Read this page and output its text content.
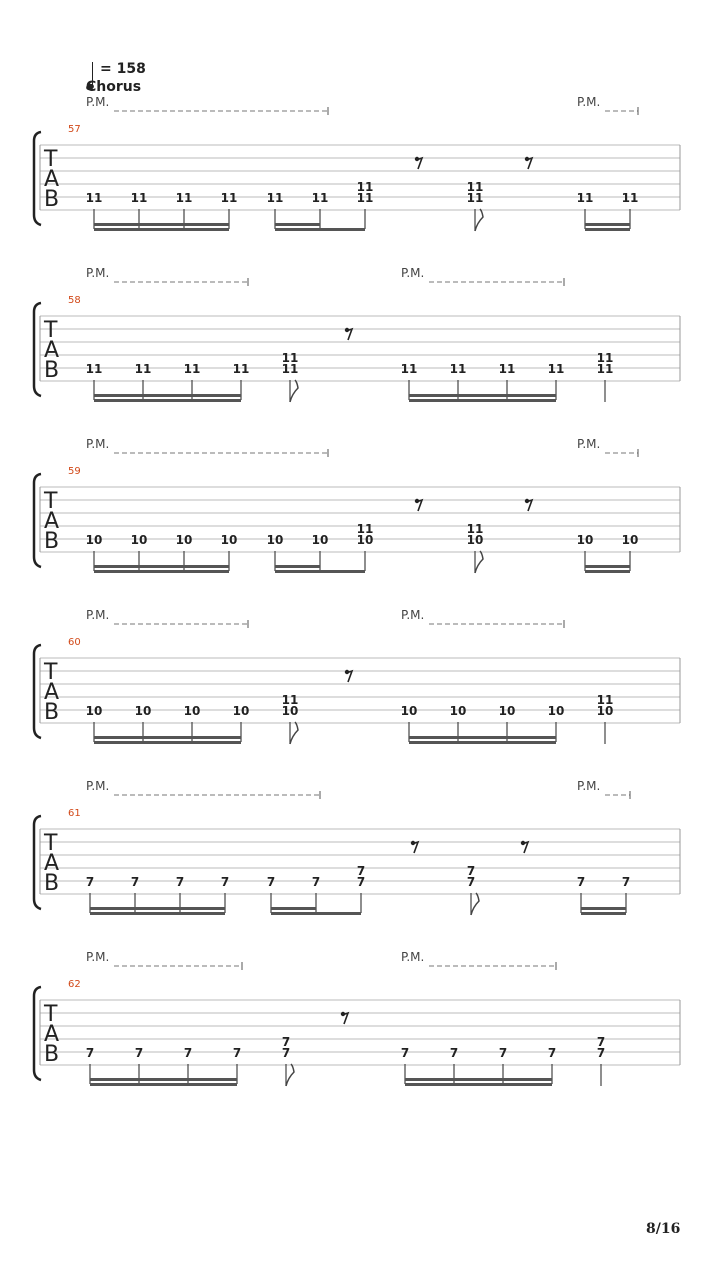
= 158
Chorus
P.M.	P.M.
57
T
A
B 11 11 11 11 11 11
11
11
11
11	11 11
P.M.	P.M.
58
T
A
B 11	11	11	11
11
11	11	11	11	11
11
11
P.M.	P.M.
59
T
A
B 10 10 10 10 10 10
11
10
11
10	10 10
P.M.	P.M.
60
T
A
B 10	10	10	10
11
10	10	10	10	10
11
10
P.M.	P.M.
61
T
A
B 7	7	7	7	7	7
7
7
7
7	7	7
P.M.	P.M.
62
T
A
B 7	7	7	7
7
7	7	7	7	7
7
7
8/16
